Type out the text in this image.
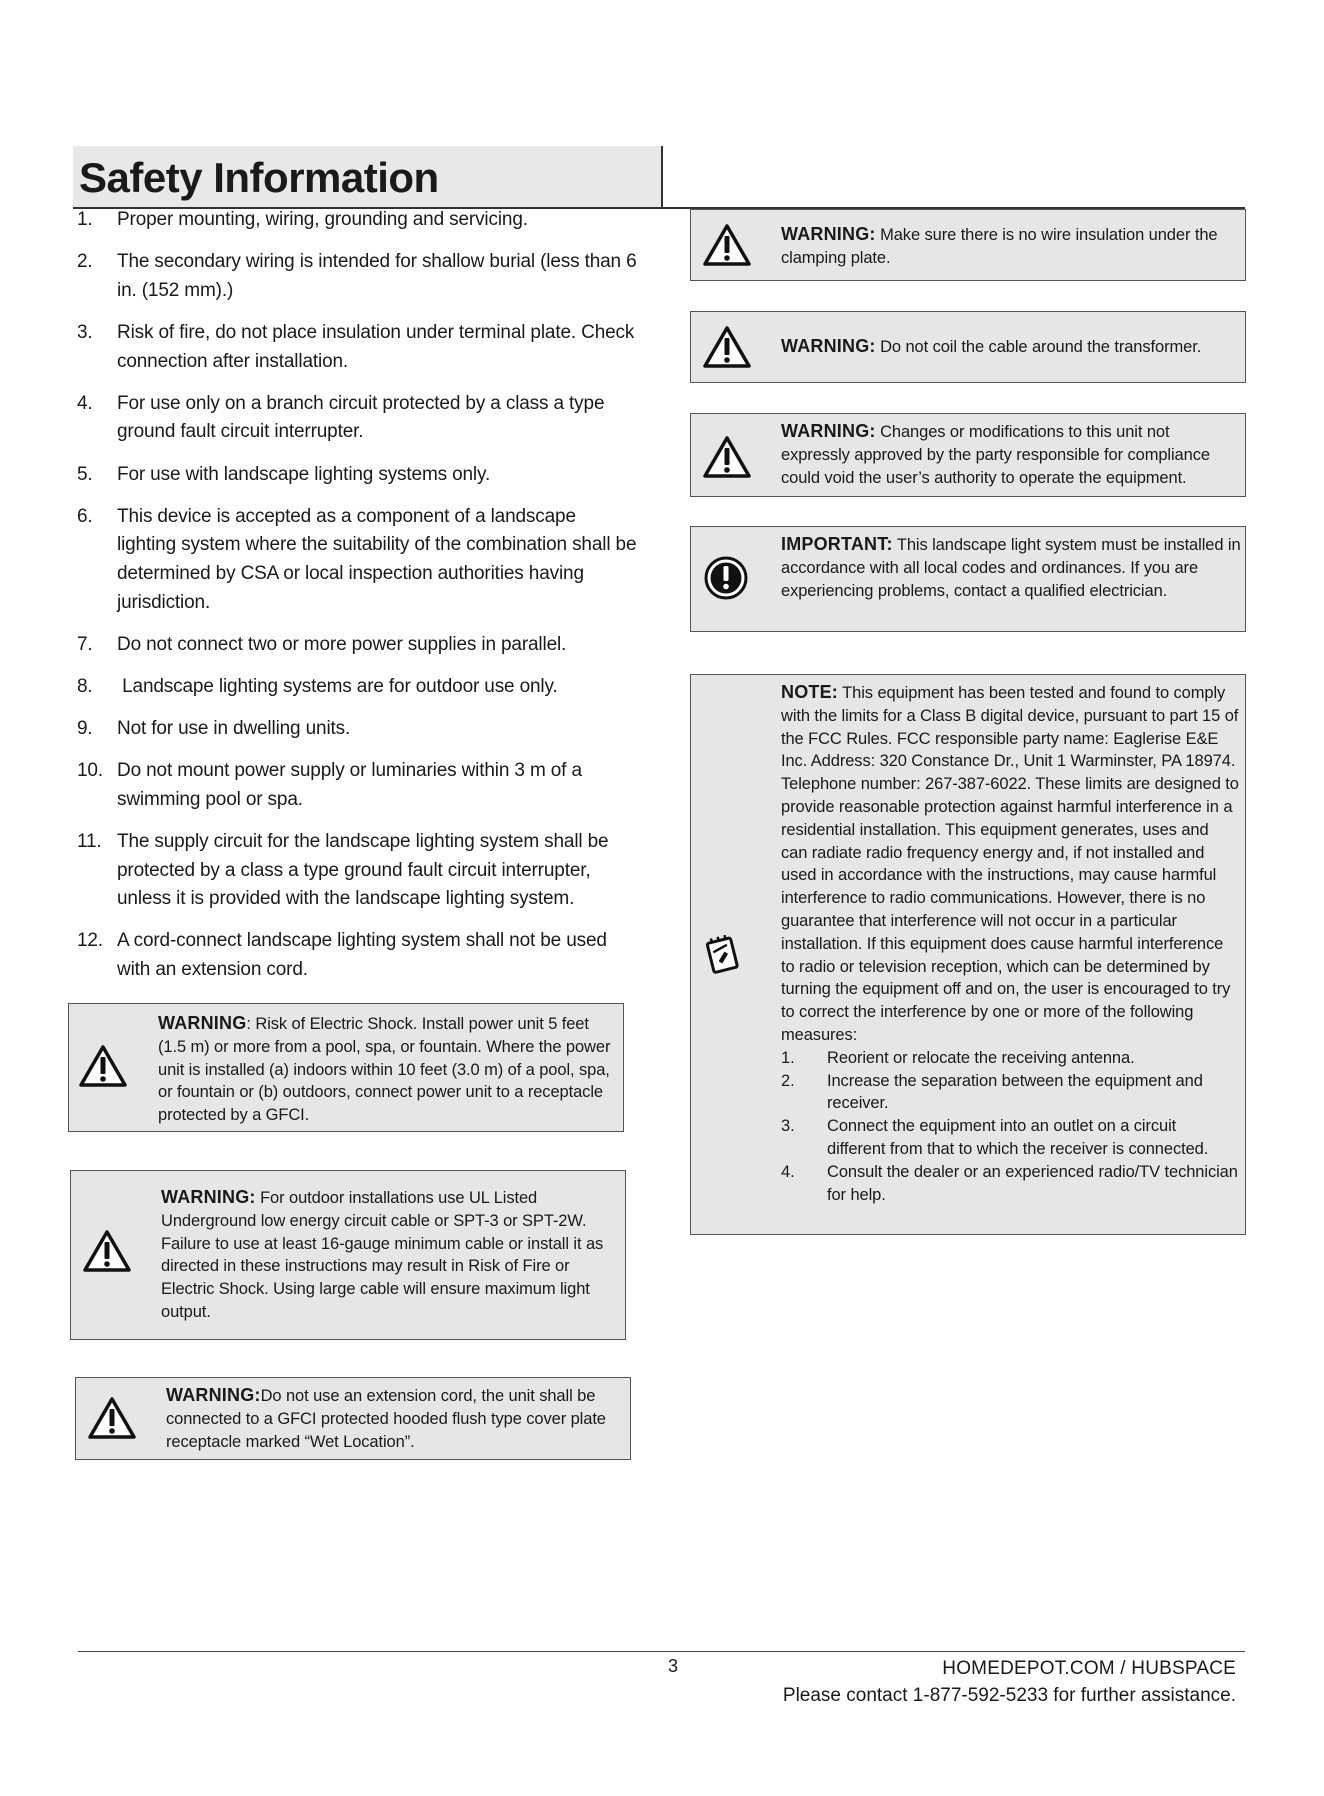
Safety Information
1. Proper mounting, wiring, grounding and servicing.
2. The secondary wiring is intended for shallow burial (less than 6 in. (152 mm).)
3. Risk of fire, do not place insulation under terminal plate. Check connection after installation.
4. For use only on a branch circuit protected by a class a type ground fault circuit interrupter.
5. For use with landscape lighting systems only.
6. This device is accepted as a component of a landscape lighting system where the suitability of the combination shall be determined by CSA or local inspection authorities having jurisdiction.
7. Do not connect two or more power supplies in parallel.
8. Landscape lighting systems are for outdoor use only.
9. Not for use in dwelling units.
10. Do not mount power supply or luminaries within 3 m of a swimming pool or spa.
11. The supply circuit for the landscape lighting system shall be protected by a class a type ground fault circuit interrupter, unless it is provided with the landscape lighting system.
12. A cord-connect landscape lighting system shall not be used with an extension cord.
WARNING: Risk of Electric Shock. Install power unit 5 feet (1.5 m) or more from a pool, spa, or fountain. Where the power unit is installed (a) indoors within 10 feet (3.0 m) of a pool, spa, or fountain or (b) outdoors, connect power unit to a receptacle protected by a GFCI.
WARNING: For outdoor installations use UL Listed Underground low energy circuit cable or SPT-3 or SPT-2W. Failure to use at least 16-gauge minimum cable or install it as directed in these instructions may result in Risk of Fire or Electric Shock. Using large cable will ensure maximum light output.
WARNING:Do not use an extension cord, the unit shall be connected to a GFCI protected hooded flush type cover plate  receptacle marked “Wet Location”.
WARNING: Make sure there is no wire insulation under the clamping plate.
WARNING: Do not coil the cable around the transformer.
WARNING: Changes or modifications to this unit not expressly approved by the party responsible for compliance could void the user’s authority to operate the equipment.
IMPORTANT: This landscape light system must be installed in accordance with all local codes and ordinances. If you are experiencing problems, contact a qualified electrician.
NOTE: This equipment has been tested and found to comply with the limits for a Class B digital device, pursuant to part 15 of the FCC Rules. FCC responsible party name: Eaglerise E&E Inc. Address: 320 Constance Dr., Unit 1 Warminster, PA 18974. Telephone number: 267-387-6022. These limits are designed to provide reasonable protection against harmful interference in a residential installation. This equipment generates, uses and can radiate radio frequency energy and, if not installed and used in accordance with the instructions, may cause harmful interference to radio communications. However, there is no guarantee that interference will not occur in a particular installation. If this equipment does cause harmful interference to radio or television reception, which can be determined by turning the equipment off and on, the user is encouraged to try to correct the interference by one or more of the following measures:
1. Reorient or relocate the receiving antenna.
2. Increase the separation between the equipment and receiver.
3. Connect the equipment into an outlet on a circuit different from that to which the receiver is connected.
4. Consult the dealer or an experienced radio/TV technician for help.
3	HOMEDEPOT.COM / HUBSPACE
Please contact 1-877-592-5233 for further assistance.
